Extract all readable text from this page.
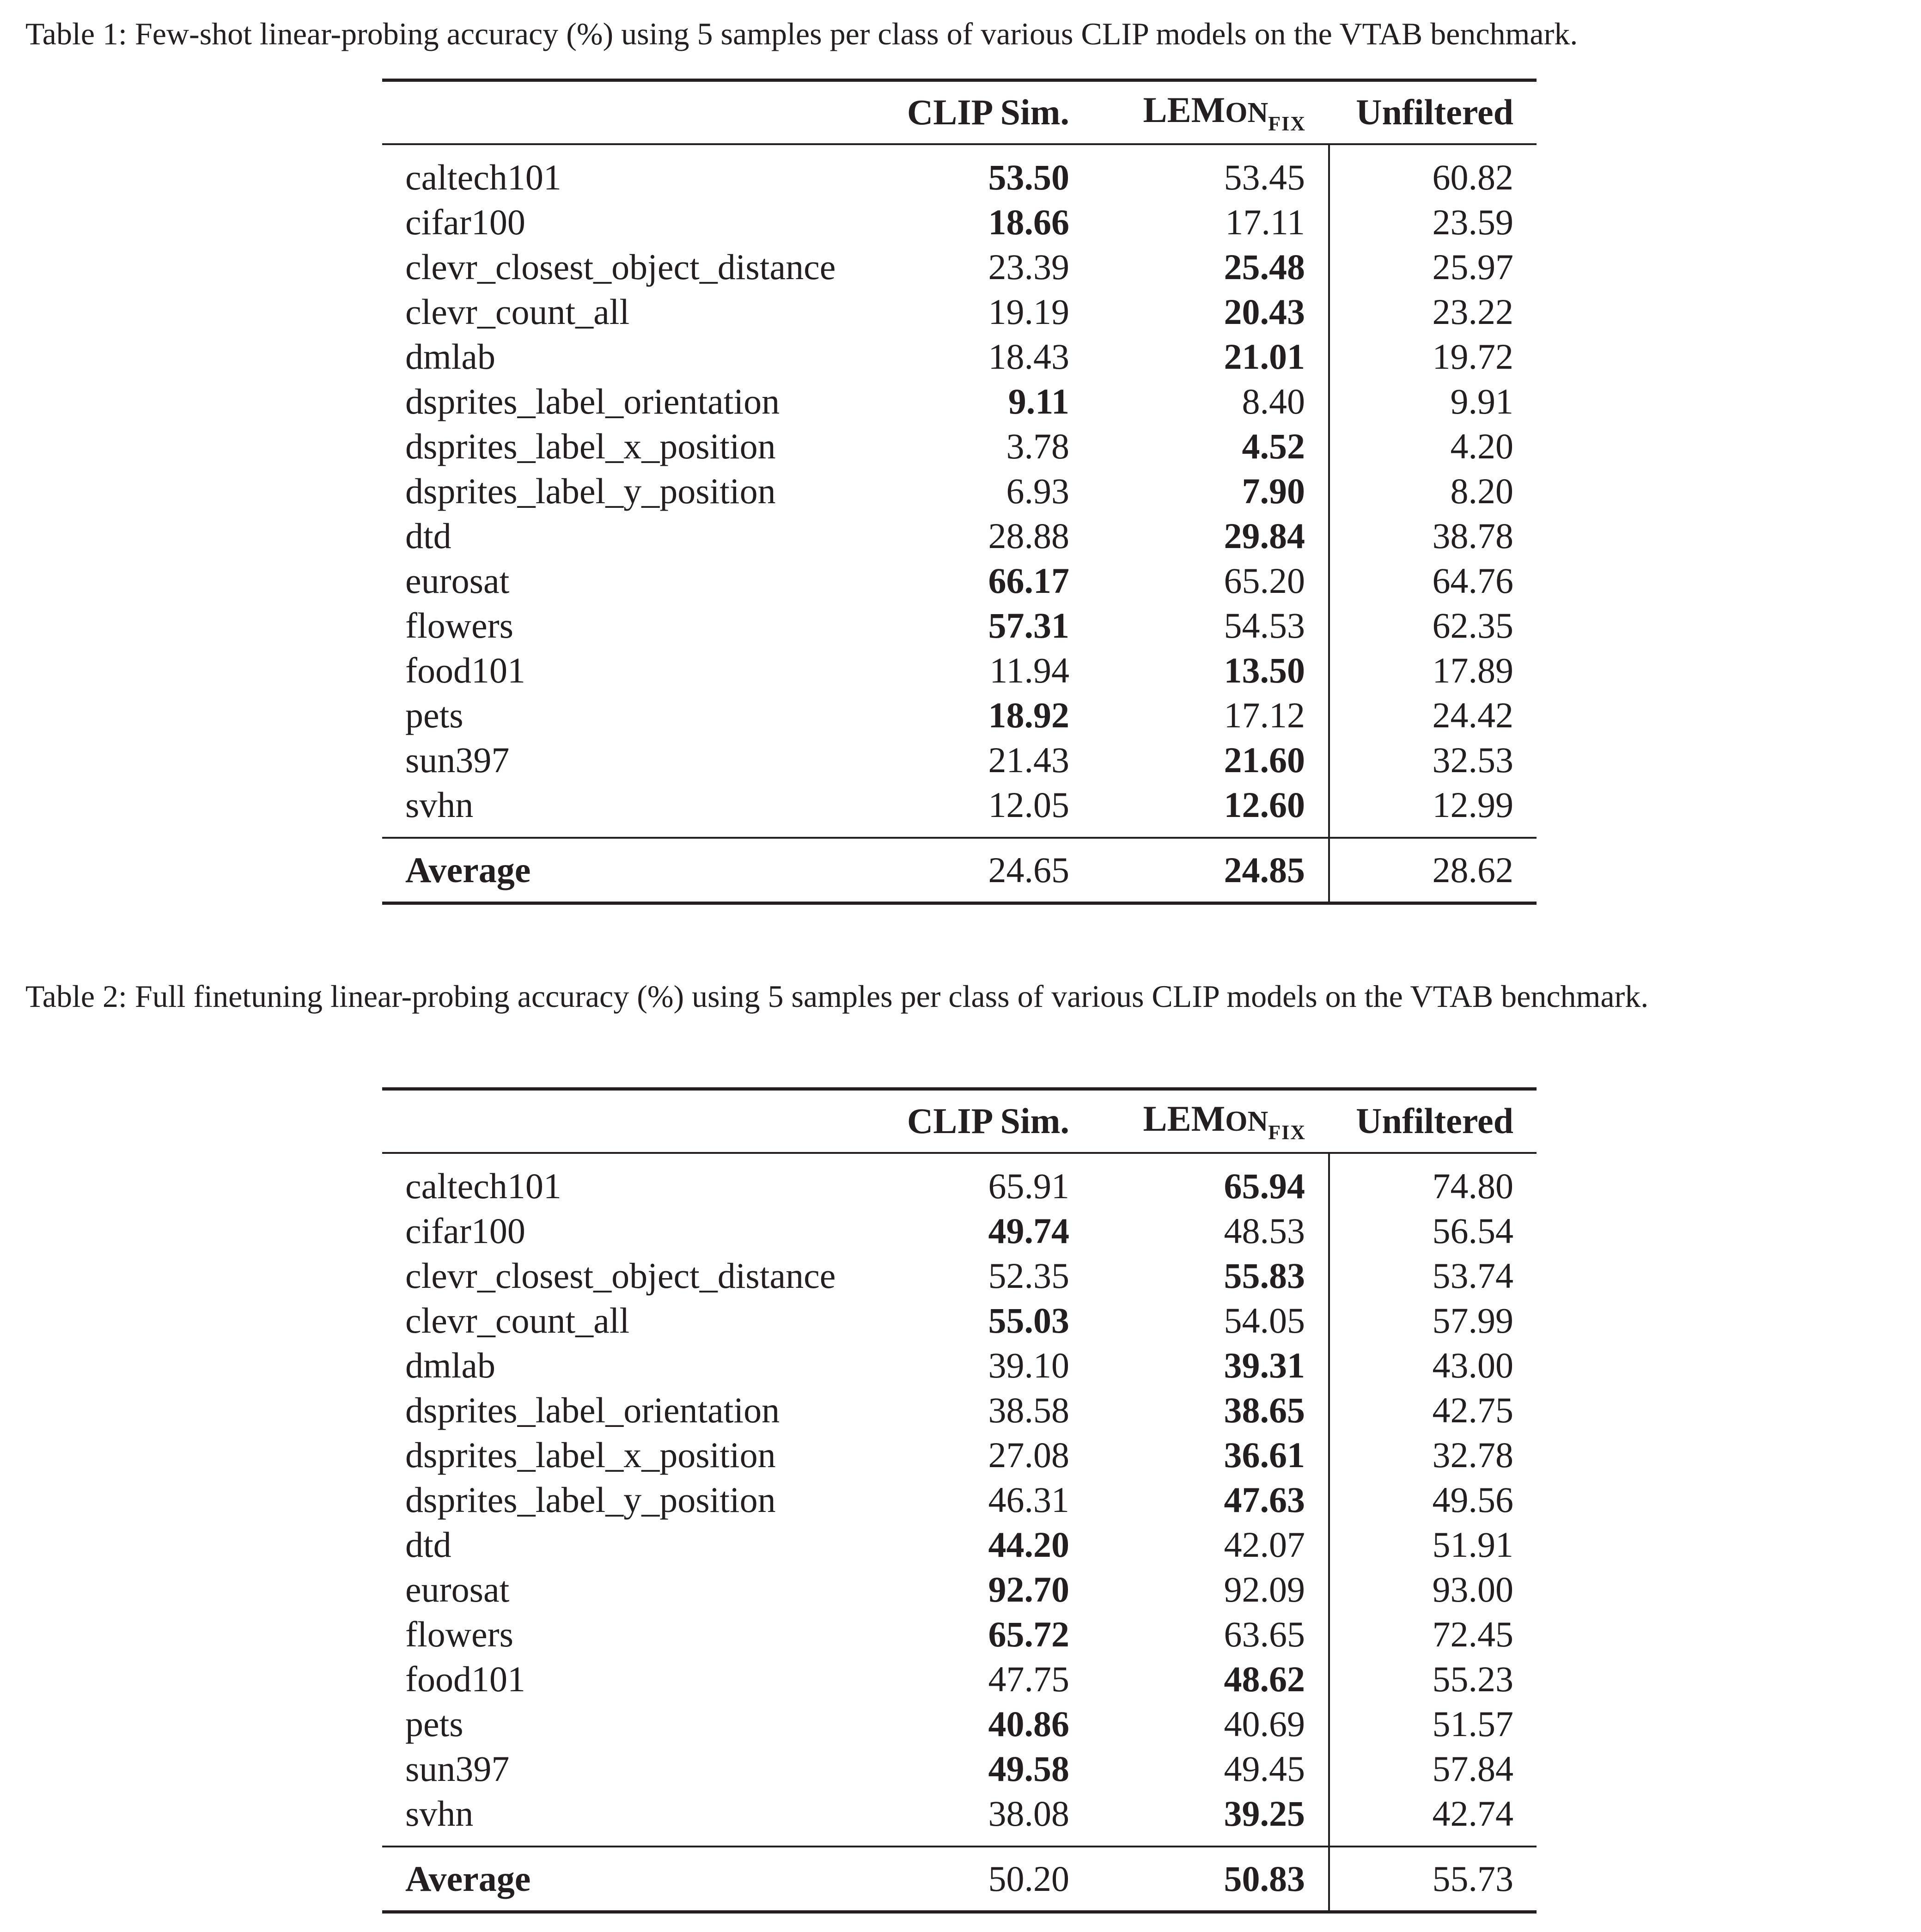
Table 1: Few-shot linear-probing accuracy (%) using 5 samples per class of various CLIP models on the VTAB benchmark.
	CLIP Sim.	$LEMON_{FIX}$	Unfiltered
caltech101	53.50	53.45	60.82
cifar100	18.66	17.11	23.59
clevr_closest_object_distance	23.39	25.48	25.97
clevr_count_all	19.19	20.43	23.22
dmlab	18.43	21.01	19.72
dsprites_label_orientation	9.11	8.40	9.91
dsprites_label_x_position	3.78	4.52	4.20
dsprites_label_y_position	6.93	7.90	8.20
dtd	28.88	29.84	38.78
eurosat	66.17	65.20	64.76
flowers	57.31	54.53	62.35
food101	11.94	13.50	17.89
pets	18.92	17.12	24.42
sun397	21.43	21.60	32.53
svhn	12.05	12.60	12.99
Average	24.65	24.85	28.62
Table 2: Full finetuning linear-probing accuracy (%) using 5 samples per class of various CLIP models on the VTAB benchmark.
	CLIP Sim.	$LEMON_{FIX}$	Unfiltered
caltech101	65.91	65.94	74.80
cifar100	49.74	48.53	56.54
clevr_closest_object_distance	52.35	55.83	53.74
clevr_count_all	55.03	54.05	57.99
dmlab	39.10	39.31	43.00
dsprites_label_orientation	38.58	38.65	42.75
dsprites_label_x_position	27.08	36.61	32.78
dsprites_label_y_position	46.31	47.63	49.56
dtd	44.20	42.07	51.91
eurosat	92.70	92.09	93.00
flowers	65.72	63.65	72.45
food101	47.75	48.62	55.23
pets	40.86	40.69	51.57
sun397	49.58	49.45	57.84
svhn	38.08	39.25	42.74
Average	50.20	50.83	55.73
